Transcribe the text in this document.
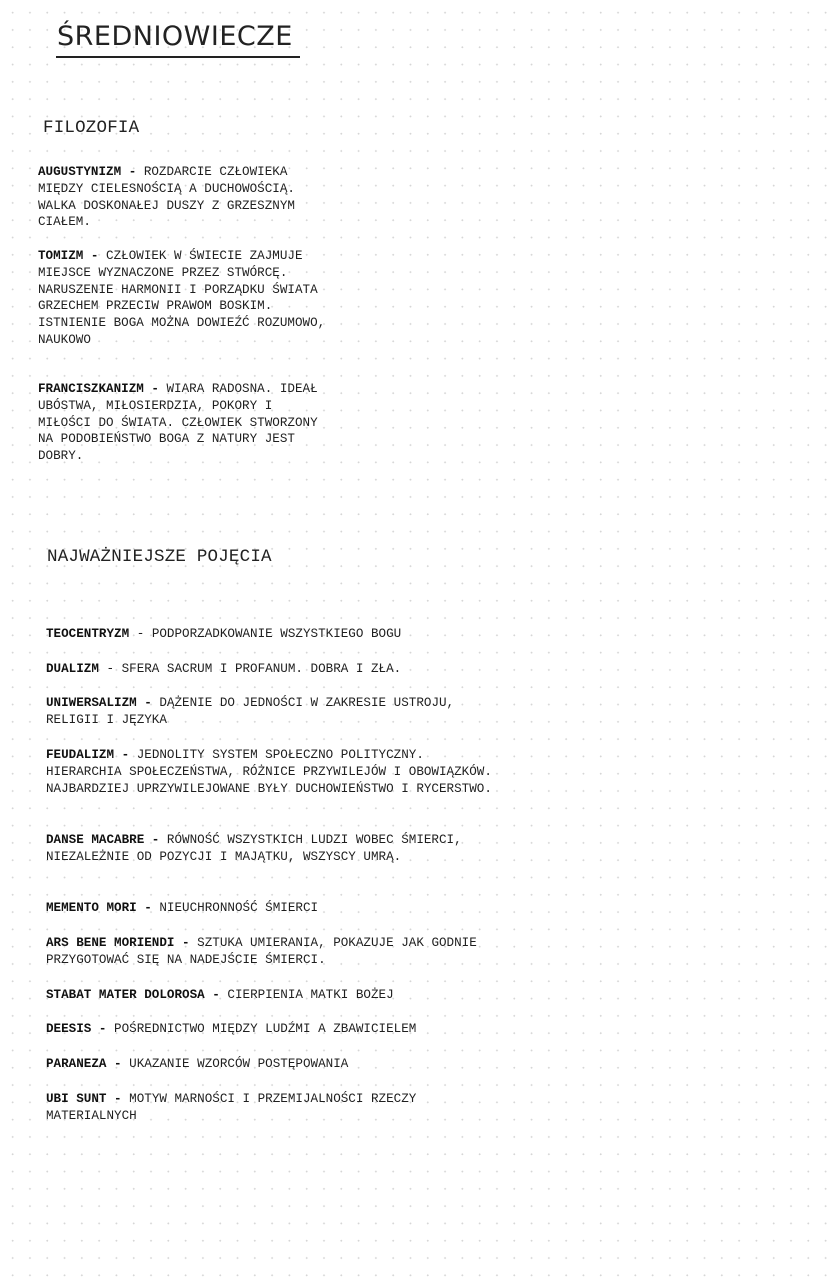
ŚREDNIOWIECZE
FILOZOFIA

AUGUSTYNIZM - ROZDARCIE CZŁOWIEKA MIĘDZY CIELESNOŚCIĄ A DUCHOWOŚCIĄ. WALKA DOSKONAŁEJ DUSZY Z GRZESZNYM CIAŁEM.

TOMIZM - CZŁOWIEK W ŚWIECIE ZAJMUJE MIEJSCE WYZNACZONE PRZEZ STWÓRCĘ. NARUSZENIE HARMONII I PORZĄDKU ŚWIATA GRZECHEM PRZECIW PRAWOM BOSKIM. ISTNIENIE BOGA MOŻNA DOWIEŹĆ ROZUMOWO, NAUKOWO

FRANCISZKANIZM - WIARA RADOSNA. IDEAŁ UBÓSTWA, MIŁOSIERDZIA, POKORY I MIŁOŚCI DO ŚWIATA. CZŁOWIEK STWORZONY NA PODOBIEŃSTWO BOGA Z NATURY JEST DOBRY.

NAJWAŻNIEJSZE POJĘCIA

TEOCENTRYZM - PODPORZADKOWANIE WSZYSTKIEGO BOGU

DUALIZM - SFERA SACRUM I PROFANUM. DOBRA I ZŁA.

UNIWERSALIZM - DĄŻENIE DO JEDNOŚCI W ZAKRESIE USTROJU, RELIGII I JĘZYKA

FEUDALIZM - JEDNOLITY SYSTEM SPOŁECZNO POLITYCZNY. HIERARCHIA SPOŁECZEŃSTWA, RÓŻNICE PRZYWILEJÓW I OBOWIĄZKÓW. NAJBARDZIEJ UPRZYWILEJOWANE BYŁY DUCHOWIEŃSTWO I RYCERSTWO.

DANSE MACABRE - RÓWNOŚĆ WSZYSTKICH LUDZI WOBEC ŚMIERCI, NIEZALEŻNIE OD POZYCJI I MAJĄTKU, WSZYSCY UMRĄ.

MEMENTO MORI - NIEUCHRONNOŚĆ ŚMIERCI

ARS BENE MORIENDI - SZTUKA UMIERANIA, POKAZUJE JAK GODNIE PRZYGOTOWAĆ SIĘ NA NADEJŚCIE ŚMIERCI.

STABAT MATER DOLOROSA - CIERPIENIA MATKI BOŻEJ

DEESIS - POŚREDNICTWO MIĘDZY LUDŹMI A ZBAWICIELEM

PARANEZA - UKAZANIE WZORCÓW POSTĘPOWANIA

UBI SUNT - MOTYW MARNOŚCI I PRZEMIJALNOŚCI RZECZY MATERIALNYCH
